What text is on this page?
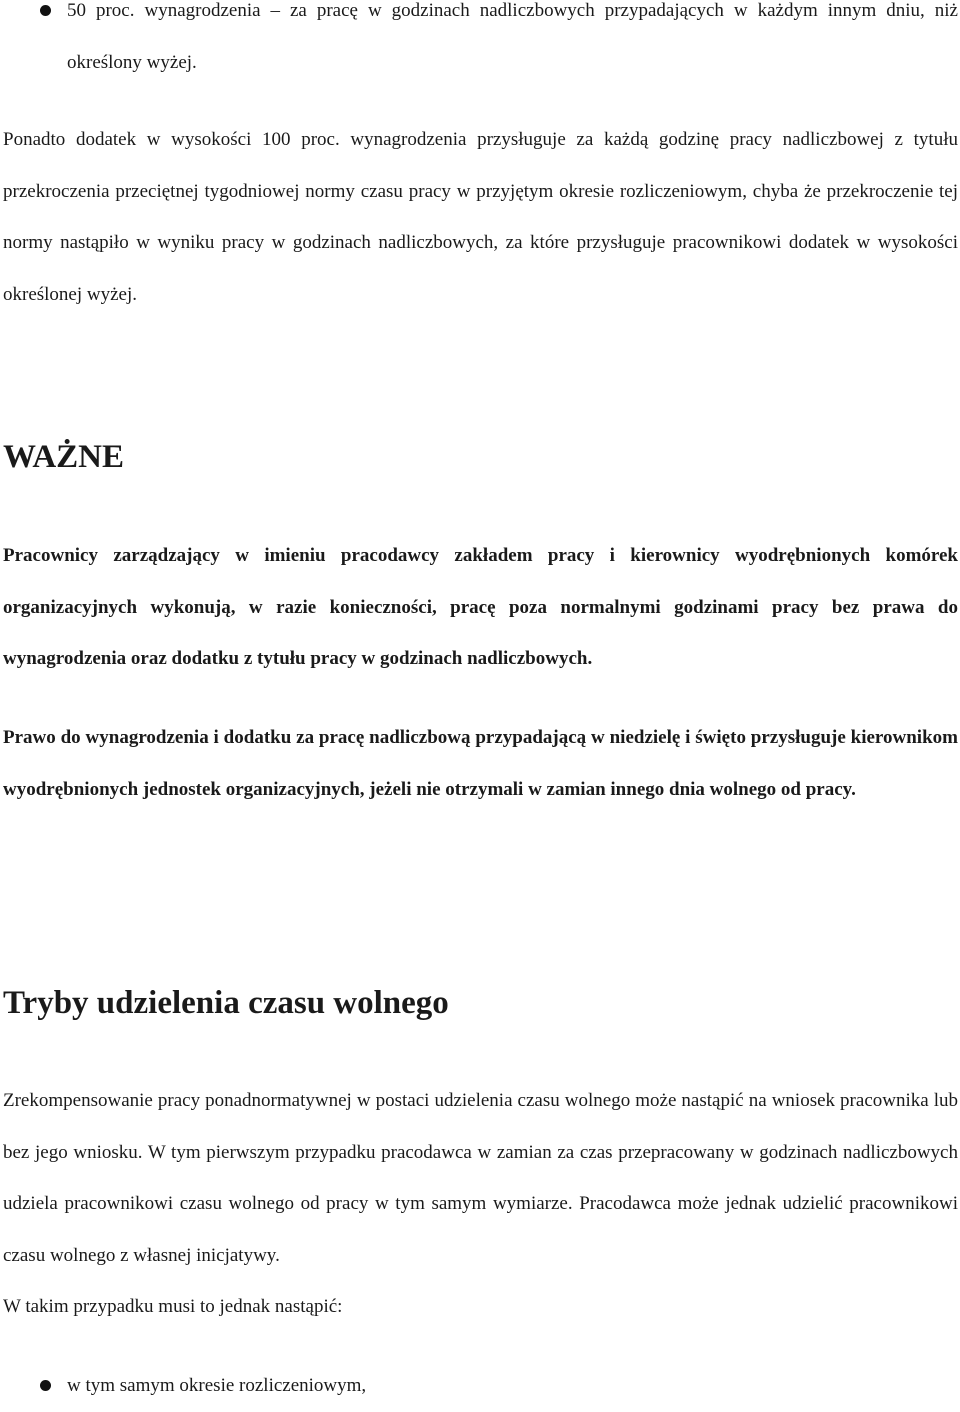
50 proc. wynagrodzenia – za pracę w godzinach nadliczbowych przypadających w każdym innym dniu, niż określony wyżej.

Ponadto dodatek w wysokości 100 proc. wynagrodzenia przysługuje za każdą godzinę pracy nadliczbowej z tytułu przekroczenia przeciętnej tygodniowej normy czasu pracy w przyjętym okresie rozliczeniowym, chyba że przekroczenie tej normy nastąpiło w wyniku pracy w godzinach nadliczbowych, za które przysługuje pracownikowi dodatek w wysokości określonej wyżej.

WAŻNE

Pracownicy zarządzający w imieniu pracodawcy zakładem pracy i kierownicy wyodrębnionych komórek organizacyjnych wykonują, w razie konieczności, pracę poza normalnymi godzinami pracy bez prawa do wynagrodzenia oraz dodatku z tytułu pracy w godzinach nadliczbowych.

Prawo do wynagrodzenia i dodatku za pracę nadliczbową przypadającą w niedzielę i święto przysługuje kierownikom wyodrębnionych jednostek organizacyjnych, jeżeli nie otrzymali w zamian innego dnia wolnego od pracy.

Tryby udzielenia czasu wolnego

Zrekompensowanie pracy ponadnormatywnej w postaci udzielenia czasu wolnego może nastąpić na wniosek pracownika lub bez jego wniosku. W tym pierwszym przypadku pracodawca w zamian za czas przepracowany w godzinach nadliczbowych udziela pracownikowi czasu wolnego od pracy w tym samym wymiarze. Pracodawca może jednak udzielić pracownikowi czasu wolnego z własnej inicjatywy.

W takim przypadku musi to jednak nastąpić:

w tym samym okresie rozliczeniowym,
